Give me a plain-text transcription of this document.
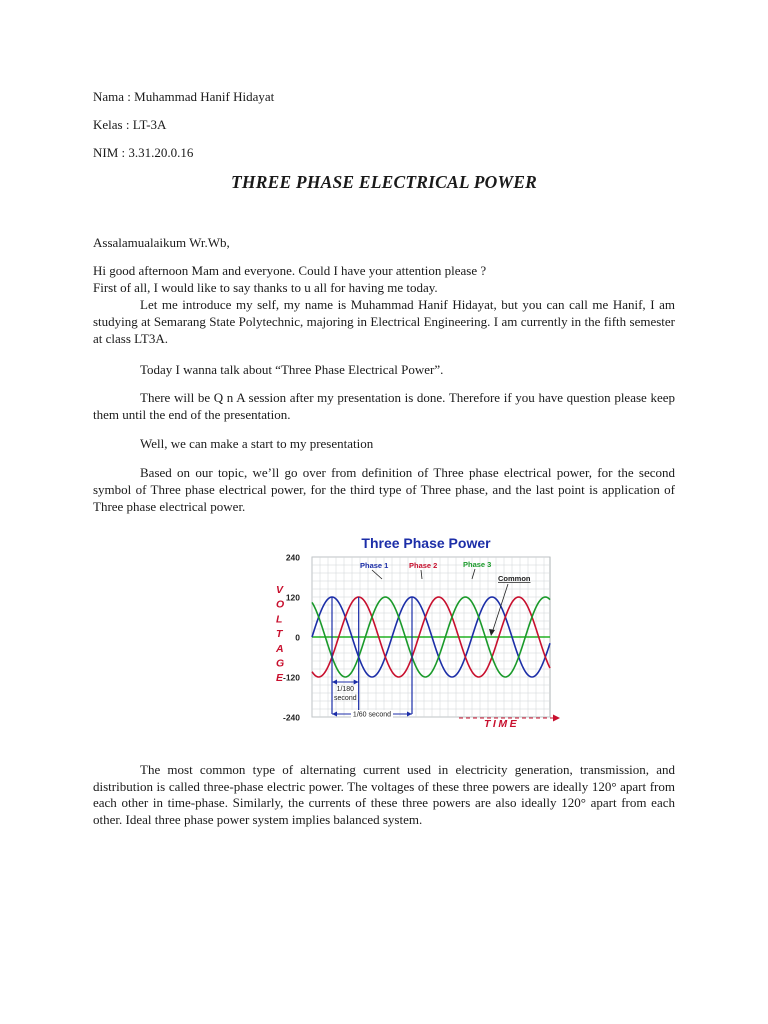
Nama : Muhammad Hanif Hidayat
Kelas : LT-3A
NIM : 3.31.20.0.16
THREE PHASE ELECTRICAL POWER
Assalamualaikum Wr.Wb,

Hi good afternoon Mam and everyone. Could I have your attention please ?

First of all, I would like to say thanks to u all for having me today.

Let me introduce my self, my name is Muhammad Hanif Hidayat, but you can call me Hanif, I am studying at Semarang State Polytechnic, majoring in Electrical Engineering. I am currently in the fifth semester at class LT3A.

Today I wanna talk about “Three Phase Electrical Power”.
There will be Q n A session after my presentation is done. Therefore if you have question please keep them until the end of the presentation.
Well, we can make a start to my presentation
Based on our topic, we’ll go over from definition of Three phase electrical power, for the second symbol of Three phase electrical power, for the third type of Three phase, and the last point is application of Three phase electrical power.
Three Phase Power
1/180
second
1/60 second
V
O
L
T
A
G
E
240
120
0
-120
-240
Phase 1	Phase 2	Phase 3
Common
TIME
The most common type of alternating current used in electricity generation, transmission, and distribution is called three-phase electric power. The voltages of these three powers are ideally 120° apart from each other in time-phase. Similarly, the currents of these three powers are also ideally 120° apart from each other. Ideal three phase power system implies balanced system.
